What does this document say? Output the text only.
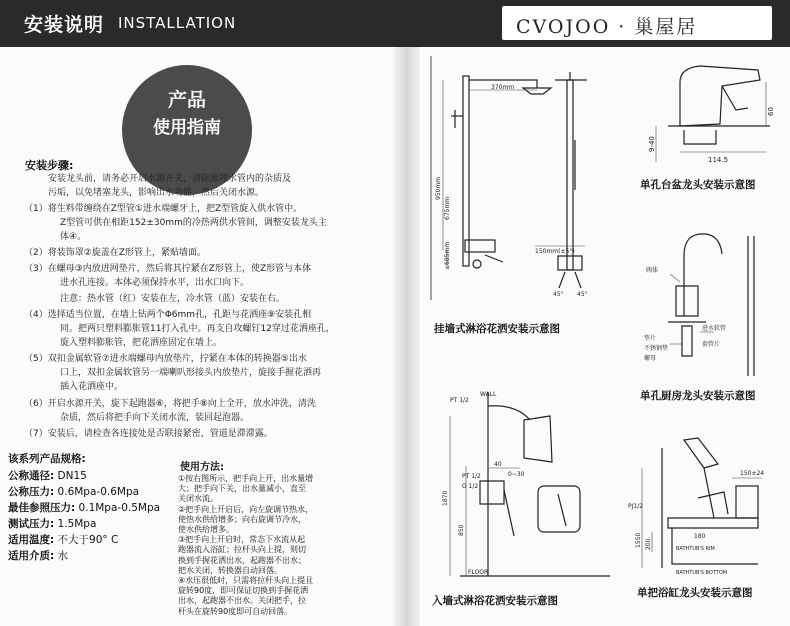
安装说明 INSTALLATION	CVOJOO · 巢屋居
产品
使用指南
安装步骤:
安装龙头前，请务必开启水源开关，清除预埋水管内的杂质及
污垢，以免堵塞龙头，影响出水功能，然后关闭水源。
（1）将生料带缠绕在Z型管①进水端螺牙上，把Z型管旋入供水管中。
Z型管可供在相距152±30mm的冷热两供水管间，调整安装龙头主
体④。
（2）将装饰罩②旋盖在Z形管上，紧贴墙面。
（3）在螺母③内放进网垫片，然后将其拧紧在Z形管上，使Z形管与本体
进水孔连接。本体必须保持水平，出水口向下。
注意：热水管（红）安装在左，冷水管（蓝）安装在右。
（4）选择适当位置，在墙上钻两个Φ6mm孔，孔距与花洒座⑨安装孔相
同。把两只塑料膨胀管11打入孔中。再支自攻螺钉12穿过花洒座孔，
旋入塑料膨胀管，把花洒座固定在墙上。
（5）双扣金属软管⑦进水端螺母内放垫片，拧紧在本体的转换器⑤出水
口上，双扣金属软管另一端喇叭形接头内放垫片，旋接手握花洒再
插入花洒座中。
（6）开启水源开关，旋下起跑器⑥，将把手⑧向上全开，放水冲洗，清洗
杂质，然后将把手向下关闭水流，装回起泡器。
（7）安装后，请检查各连接处是否联接紧密，管道是滞滞露。
该系列产品规格:
公称通径: DN15
公称压力: 0.6Mpa-0.6Mpa
最佳参照压力: 0.1Mpa-0.5Mpa
测试压力: 1.5Mpa
适用温度: 不大于90° C
适用介质: 水
使用方法:
①按右图所示，把手向上开，出水量增
大；把手向下关，出水量减小，直至
关闭水流。
②把手向上开启后，向左旋调节热水，
使热水供给增多；向右旋调节冷水，
使水供给增多。
③把手向上开启时，常态下水流从起
跑器流入浴缸；拉杆头向上提，则切
换到手握花洒出水，起跑器不出水；
把水关闭，转换器自动回落。
④水压很低时，只需将拉杆头向上提且
旋转90度，即可保证切换到手握花洒
出水，起跑器不出水。关闭把手，拉
杆头在旋转90度即可自动回落。
370mm
950mm
675mm
≤685mm	150mm(±5°)
45° 45°
挂墙式淋浴花洒安装示意图
WALL
PT 1/2
PT 1/2
G 1/2
40
0~30
1870
850
FLOOR
入墙式淋浴花洒安装示意图
9-40
60
114.5
单孔台盆龙头安装示意图
阀体
进水软管
垫片
不锈钢垫
套管片
螺母
单孔厨房龙头安装示意图
150±24
PJ1/2
1550 200
180
BATHTUB'S RIM
BATHTUB'S BOTTOM
单把浴缸龙头安装示意图
